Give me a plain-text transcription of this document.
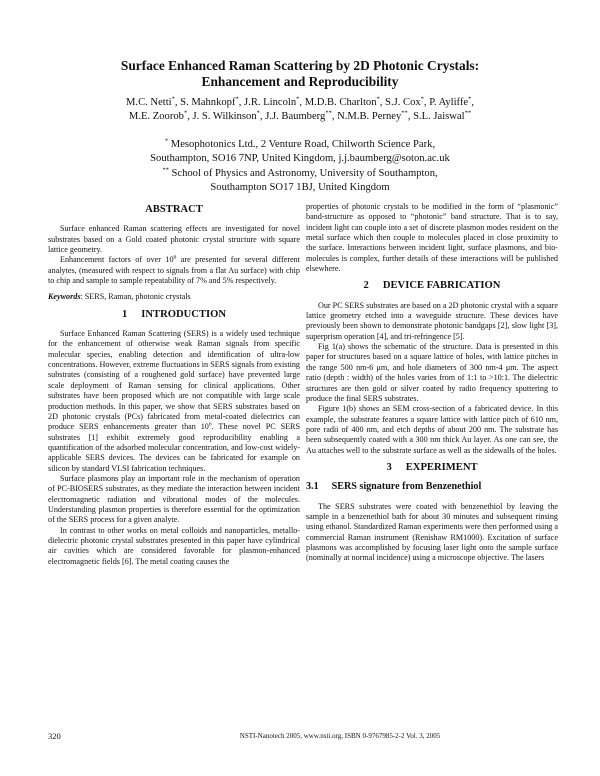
Surface Enhanced Raman Scattering by 2D Photonic Crystals:
Enhancement and Reproducibility
M.C. Netti*, S. Mahnkopf*, J.R. Lincoln*, M.D.B. Charlton*, S.J. Cox*, P. Ayliffe*,
M.E. Zoorob*, J. S. Wilkinson*, J.J. Baumberg**, N.M.B. Perney**, S.L. Jaiswal**
* Mesophotonics Ltd., 2 Venture Road, Chilworth Science Park,
Southampton, SO16 7NP, United Kingdom, j.j.baumberg@soton.ac.uk
** School of Physics and Astronomy, University of Southampton,
Southampton SO17 1BJ, United Kingdom
ABSTRACT

Surface enhanced Raman scattering effects are investigated for novel substrates based on a Gold coated photonic crystal structure with square lattice geometry.

Enhancement factors of over $10^6$ are presented for several different analytes, (measured with respect to signals from a flat Au surface) with chip to chip and sample to sample repeatability of 7% and 5% respectively.

Keywords: SERS, Raman, photonic crystals

1 INTRODUCTION

Surface Enhanced Raman Scattering (SERS) is a widely used technique for the enhancement of otherwise weak Raman signals from specific molecular species, enabling detection and identification of ultra-low concentrations. However, extreme fluctuations in SERS signals from existing substrates (consisting of a roughened gold surface) have prevented large scale deployment of Raman sensing for clinical applications. Other substrates have been proposed which are not compatible with large scale production methods. In this paper, we show that SERS substrates based on 2D photonic crystals (PCs) fabricated from metal-coated dielectrics can produce SERS enhancements greater than $10^6$. These novel PC SERS substrates [1] exhibit extremely good reproducibility enabling a quantification of the adsorbed molecular concentration, and low-cost widely-applicable SERS devices. The devices can be fabricated for example on silicon by standard VLSI fabrication techniques.

Surface plasmons play an important role in the mechanism of operation of PC-BIOSERS substrates, as they mediate the interaction between incident electromagnetic radiation and vibrational modes of the molecules. Understanding plasmon properties is therefore essential for the optimization of the SERS process for a given analyte.

In contrast to other works on metal colloids and nanoparticles, metallo-dielectric photonic crystal substrates presented in this paper have cylindrical air cavities which are considered favorable for plasmon-enhanced electromagnetic fields [6]. The metal coating causes the

properties of photonic crystals to be modified in the form of “plasmonic” band-structure as opposed to “photonic” band structure. That is to say, incident light can couple into a set of discrete plasmon modes resident on the metal surface which then couple to molecules placed in close proximity to the surface. Interactions between incident light, surface plasmons, and bio-molecules is complex, further details of these interactions will be published elsewhere.

2 DEVICE FABRICATION

Our PC SERS substrates are based on a 2D photonic crystal with a square lattice geometry etched into a waveguide structure. These devices have previously been shown to demonstrate photonic bandgaps [2], slow light [3], superprism operation [4], and tri-refringence [5].

Fig 1(a) shows the schematic of the structure. Data is presented in this paper for structures based on a square lattice of holes, with lattice pitches in the range 500 nm-6 μm, and hole diameters of 300 nm-4 μm. The aspect ratio (depth : width) of the holes varies from of 1:1 to >10:1. The dielectric structures are then gold or silver coated by radio frequency sputtering to produce the final SERS substrates.

Figure 1(b) shows an SEM cross-section of a fabricated device. In this example, the substrate features a square lattice with lattice pitch of 610 nm, pore radii of 400 nm, and etch depths of about 200 nm. The substrate has been subsequently coated with a 300 nm thick Au layer. As one can see, the Au attaches well to the substrate surface as well as the sidewalls of the holes.

3 EXPERIMENT
3.1 SERS signature from Benzenethiol

The SERS substrates were coated with benzenethiol by leaving the sample in a benzenethiol bath for about 30 minutes and subsequent rinsing using ethanol. Standardized Raman experiments were then performed using a commercial Raman instrument (Renishaw RM1000). Excitation of surface plasmons was accomplished by focusing laser light onto the sample surface (nominally at normal incidence) using a microscope objective. The lasers

320	NSTI-Nanotech 2005, www.nsti.org, ISBN 0-9767985-2-2 Vol. 3, 2005
